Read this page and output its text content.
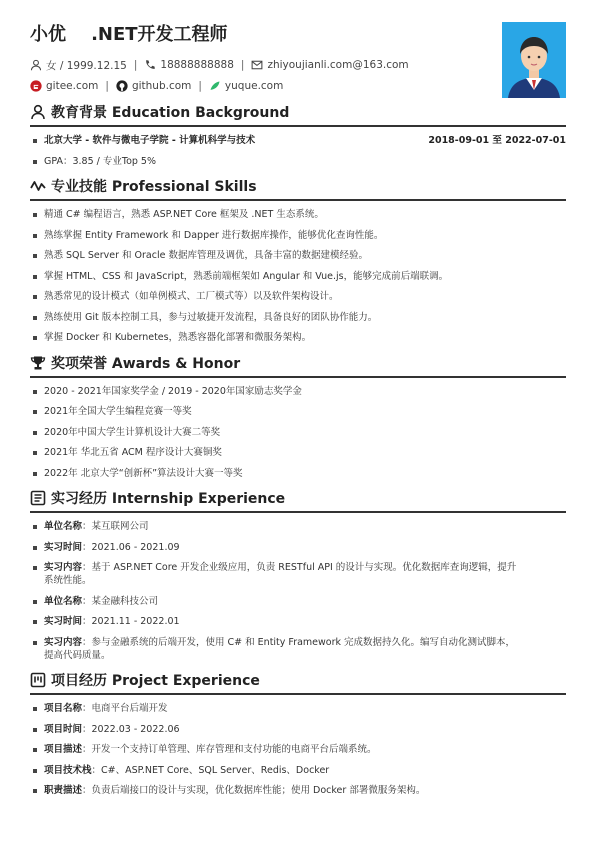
小优    .NET开发工程师
女 / 1999.12.15 | 18888888888 | zhiyoujianli.com@163.com
gitee.com | github.com | yuque.com
教育背景 Education Background
北京大学 - 软件与微电子学院 - 计算机科学与技术	2018-09-01 至 2022-07-01
GPA：3.85 / 专业Top 5%
专业技能 Professional Skills
精通 C# 编程语言，熟悉 ASP.NET Core 框架及 .NET 生态系统。
熟练掌握 Entity Framework 和 Dapper 进行数据库操作，能够优化查询性能。
熟悉 SQL Server 和 Oracle 数据库管理及调优，具备丰富的数据建模经验。
掌握 HTML、CSS 和 JavaScript，熟悉前端框架如 Angular 和 Vue.js，能够完成前后端联调。
熟悉常见的设计模式（如单例模式、工厂模式等）以及软件架构设计。
熟练使用 Git 版本控制工具，参与过敏捷开发流程，具备良好的团队协作能力。
掌握 Docker 和 Kubernetes，熟悉容器化部署和微服务架构。
奖项荣誉 Awards & Honor
2020 - 2021年国家奖学金 / 2019 - 2020年国家励志奖学金
2021年全国大学生编程竞赛一等奖
2020年中国大学生计算机设计大赛二等奖
2021年 华北五省 ACM 程序设计大赛铜奖
2022年 北京大学“创新杯”算法设计大赛一等奖
实习经历 Internship Experience
单位名称：某互联网公司
实习时间：2021.06 - 2021.09
实习内容：基于 ASP.NET Core 开发企业级应用，负责 RESTful API 的设计与实现。优化数据库查询逻辑，提升
系统性能。
单位名称：某金融科技公司
实习时间：2021.11 - 2022.01
实习内容：参与金融系统的后端开发，使用 C# 和 Entity Framework 完成数据持久化。编写自动化测试脚本，
提高代码质量。
项目经历 Project Experience
项目名称：电商平台后端开发
项目时间：2022.03 - 2022.06
项目描述：开发一个支持订单管理、库存管理和支付功能的电商平台后端系统。
项目技术栈：C#、ASP.NET Core、SQL Server、Redis、Docker
职责描述：负责后端接口的设计与实现，优化数据库性能；使用 Docker 部署微服务架构。
